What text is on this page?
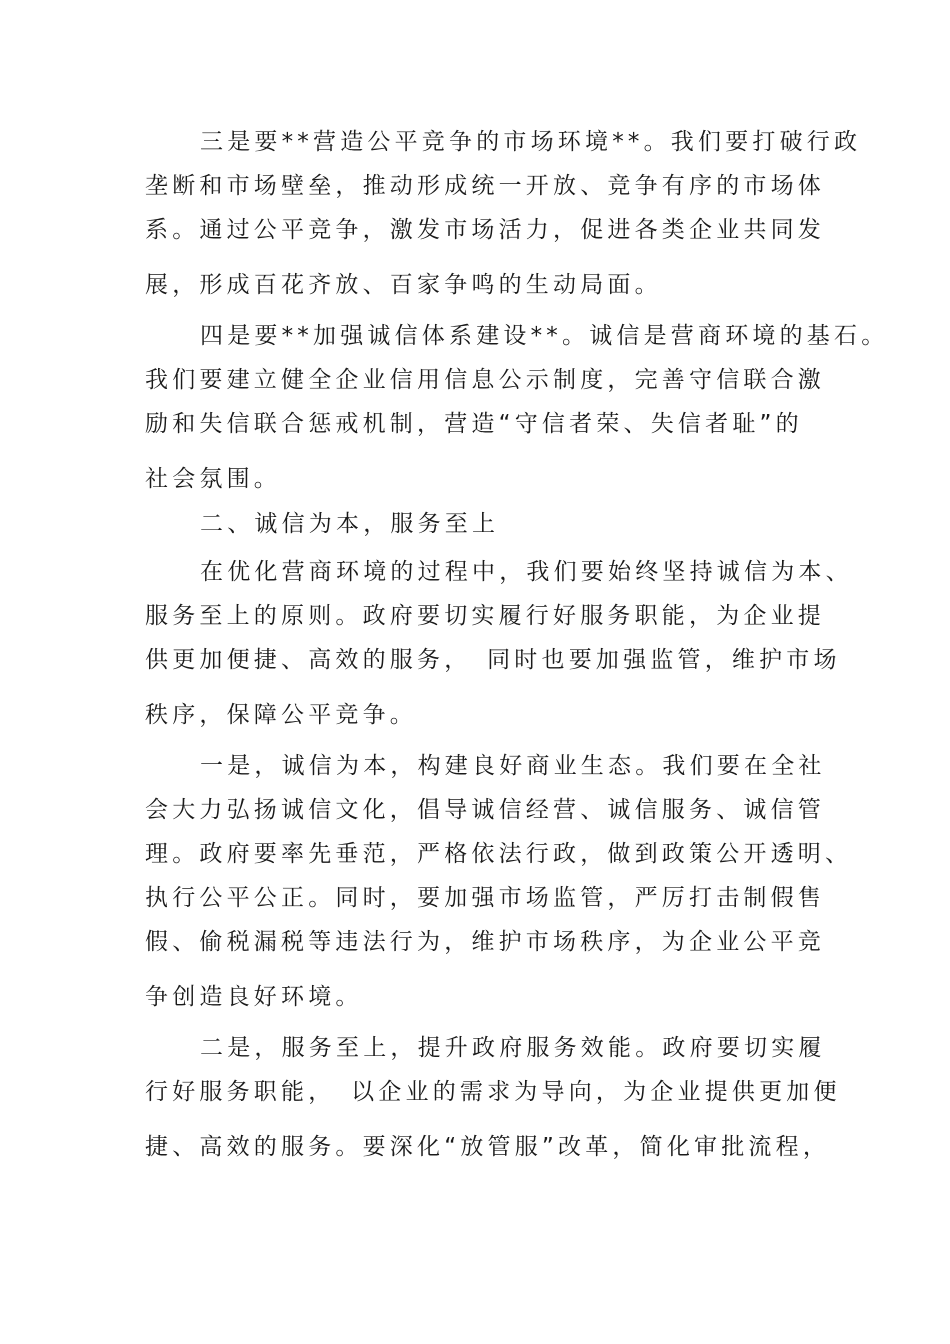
三是要**营造公平竞争的市场环境**。我们要打破行政
垄断和市场壁垒，推动形成统一开放、竞争有序的市场体
系。通过公平竞争，激发市场活力，促进各类企业共同发
展，形成百花齐放、百家争鸣的生动局面。
四是要**加强诚信体系建设**。诚信是营商环境的基石。
我们要建立健全企业信用信息公示制度，完善守信联合激
励和失信联合惩戒机制，营造“守信者荣、失信者耻”的
社会氛围。
二、诚信为本，服务至上
在优化营商环境的过程中，我们要始终坚持诚信为本、
服务至上的原则。政府要切实履行好服务职能，为企业提
供更加便捷、高效的服务，　同时也要加强监管，维护市场
秩序，保障公平竞争。
一是，诚信为本，构建良好商业生态。我们要在全社
会大力弘扬诚信文化，倡导诚信经营、诚信服务、诚信管
理。政府要率先垂范，严格依法行政，做到政策公开透明、
执行公平公正。同时，要加强市场监管，严厉打击制假售
假、偷税漏税等违法行为，维护市场秩序，为企业公平竞
争创造良好环境。
二是，服务至上，提升政府服务效能。政府要切实履
行好服务职能，　以企业的需求为导向，为企业提供更加便
捷、高效的服务。要深化“放管服”改革，简化审批流程，
